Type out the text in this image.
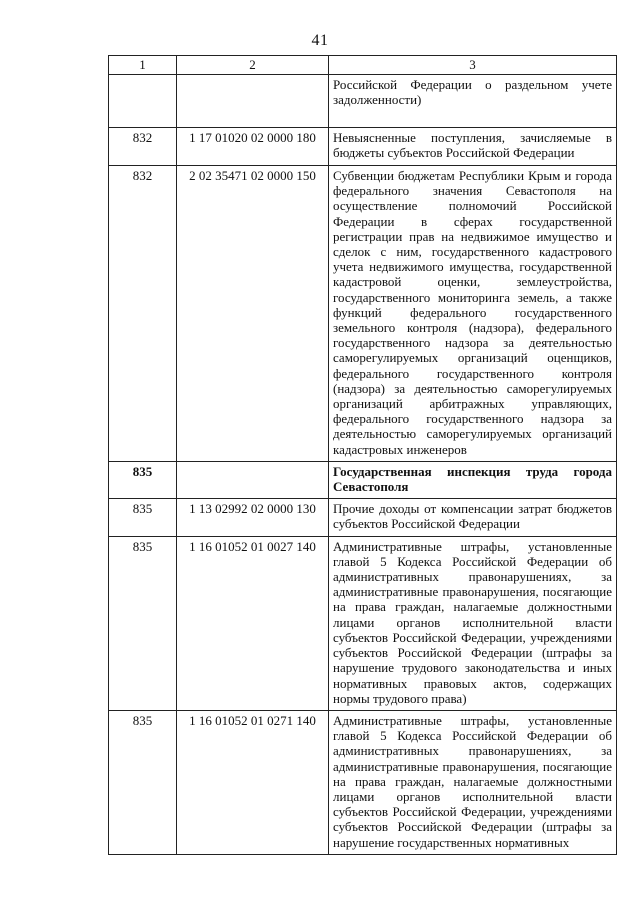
41
1	2	3
		Российской Федерации о раздельном учете задолженности)
832	1 17 01020 02 0000 180	Невыясненные поступления, зачисляемые в бюджеты субъектов Российской Федерации
832	2 02 35471 02 0000 150	Субвенции бюджетам Республики Крым и города федерального значения Севастополя на осуществление полномочий Российской Федерации в сферах государственной регистрации прав на недвижимое имущество и сделок с ним, государственного кадастрового учета недвижимого имущества, государственной кадастровой оценки, землеустройства, государственного мониторинга земель, а также функций федерального государственного земельного контроля (надзора), федерального государственного надзора за деятельностью саморегулируемых организаций оценщиков, федерального государственного контроля (надзора) за деятельностью саморегулируемых организаций арбитражных управляющих, федерального государственного надзора за деятельностью саморегулируемых организаций кадастровых инженеров
835		Государственная инспекция труда города Севастополя
835	1 13 02992 02 0000 130	Прочие доходы от компенсации затрат бюджетов субъектов Российской Федерации
835	1 16 01052 01 0027 140	Административные штрафы, установленные главой 5 Кодекса Российской Федерации об административных правонарушениях, за административные правонарушения, посягающие на права граждан, налагаемые должностными лицами органов исполнительной власти субъектов Российской Федерации, учреждениями субъектов Российской Федерации (штрафы за нарушение трудового законодательства и иных нормативных правовых актов, содержащих нормы трудового права)
835	1 16 01052 01 0271 140	Административные штрафы, установленные главой 5 Кодекса Российской Федерации об административных правонарушениях, за административные правонарушения, посягающие на права граждан, налагаемые должностными лицами органов исполнительной власти субъектов Российской Федерации, учреждениями субъектов Российской Федерации (штрафы за нарушение государственных нормативных
